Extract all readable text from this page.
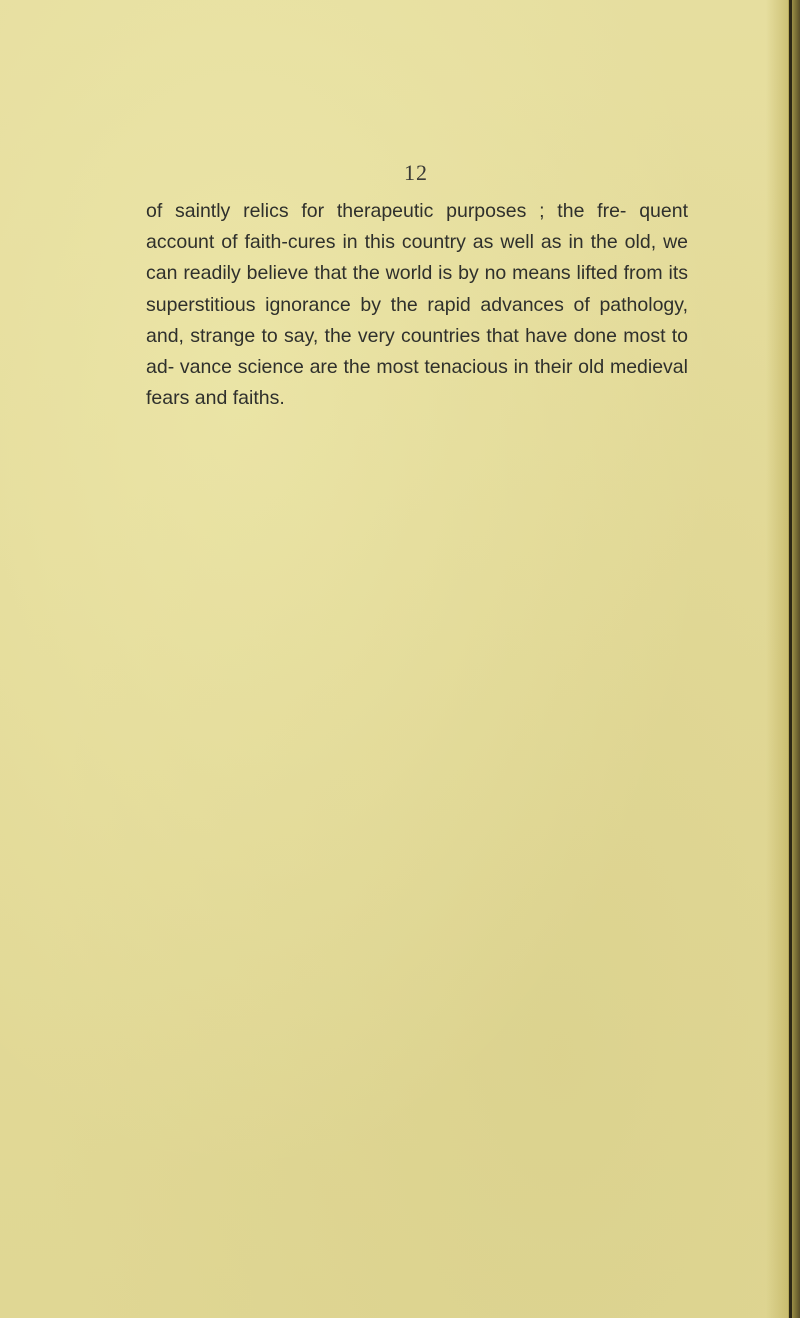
12

of saintly relics for therapeutic purposes ; the fre- quent account of faith-cures in this country as well as in the old, we can readily believe that the world is by no means lifted from its superstitious ignorance by the rapid advances of pathology, and, strange to say, the very countries that have done most to ad- vance science are the most tenacious in their old medieval fears and faiths.
